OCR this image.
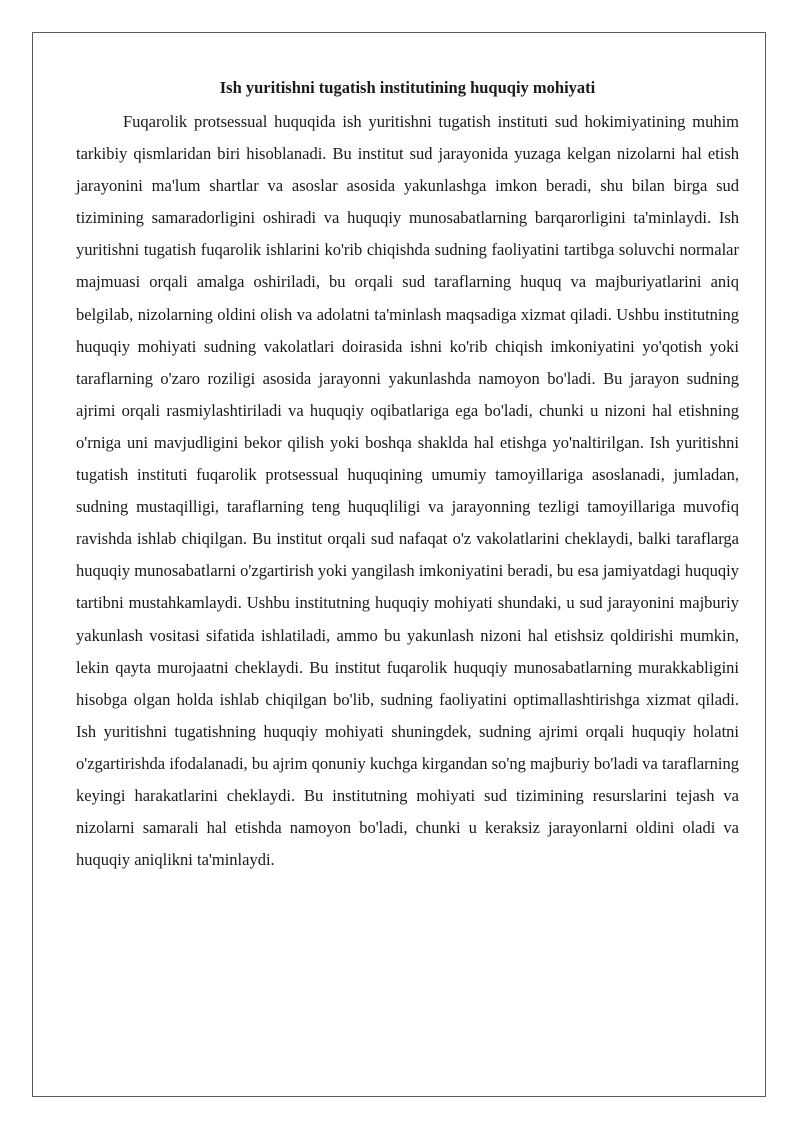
Ish yuritishni tugatish institutining huquqiy mohiyati

Fuqarolik protsessual huquqida ish yuritishni tugatish instituti sud hokimiyatining muhim tarkibiy qismlaridan biri hisoblanadi. Bu institut sud jarayonida yuzaga kelgan nizolarni hal etish jarayonini ma'lum shartlar va asoslar asosida yakunlashga imkon beradi, shu bilan birga sud tizimining samaradorligini oshiradi va huquqiy munosabatlarning barqarorligini ta'minlaydi. Ish yuritishni tugatish fuqarolik ishlarini ko'rib chiqishda sudning faoliyatini tartibga soluvchi normalar majmuasi orqali amalga oshiriladi, bu orqali sud taraflarning huquq va majburiyatlarini aniq belgilab, nizolarning oldini olish va adolatni ta'minlash maqsadiga xizmat qiladi. Ushbu institutning huquqiy mohiyati sudning vakolatlari doirasida ishni ko'rib chiqish imkoniyatini yo'qotish yoki taraflarning o'zaro roziligi asosida jarayonni yakunlashda namoyon bo'ladi. Bu jarayon sudning ajrimi orqali rasmiylashtiriladi va huquqiy oqibatlariga ega bo'ladi, chunki u nizoni hal etishning o'rniga uni mavjudligini bekor qilish yoki boshqa shaklda hal etishga yo'naltirilgan. Ish yuritishni tugatish instituti fuqarolik protsessual huquqining umumiy tamoyillariga asoslanadi, jumladan, sudning mustaqilligi, taraflarning teng huquqliligi va jarayonning tezligi tamoyillariga muvofiq ravishda ishlab chiqilgan. Bu institut orqali sud nafaqat o'z vakolatlarini cheklaydi, balki taraflarga huquqiy munosabatlarni o'zgartirish yoki yangilash imkoniyatini beradi, bu esa jamiyatdagi huquqiy tartibni mustahkamlaydi. Ushbu institutning huquqiy mohiyati shundaki, u sud jarayonini majburiy yakunlash vositasi sifatida ishlatiladi, ammo bu yakunlash nizoni hal etishsiz qoldirishi mumkin, lekin qayta murojaatni cheklaydi. Bu institut fuqarolik huquqiy munosabatlarning murakkabligini hisobga olgan holda ishlab chiqilgan bo'lib, sudning faoliyatini optimallashtirishga xizmat qiladi. Ish yuritishni tugatishning huquqiy mohiyati shuningdek, sudning ajrimi orqali huquqiy holatni o'zgartirishda ifodalanadi, bu ajrim qonuniy kuchga kirgandan so'ng majburiy bo'ladi va taraflarning keyingi harakatlarini cheklaydi. Bu institutning mohiyati sud tizimining resurslarini tejash va nizolarni samarali hal etishda namoyon bo'ladi, chunki u keraksiz jarayonlarni oldini oladi va huquqiy aniqlikni ta'minlaydi.
